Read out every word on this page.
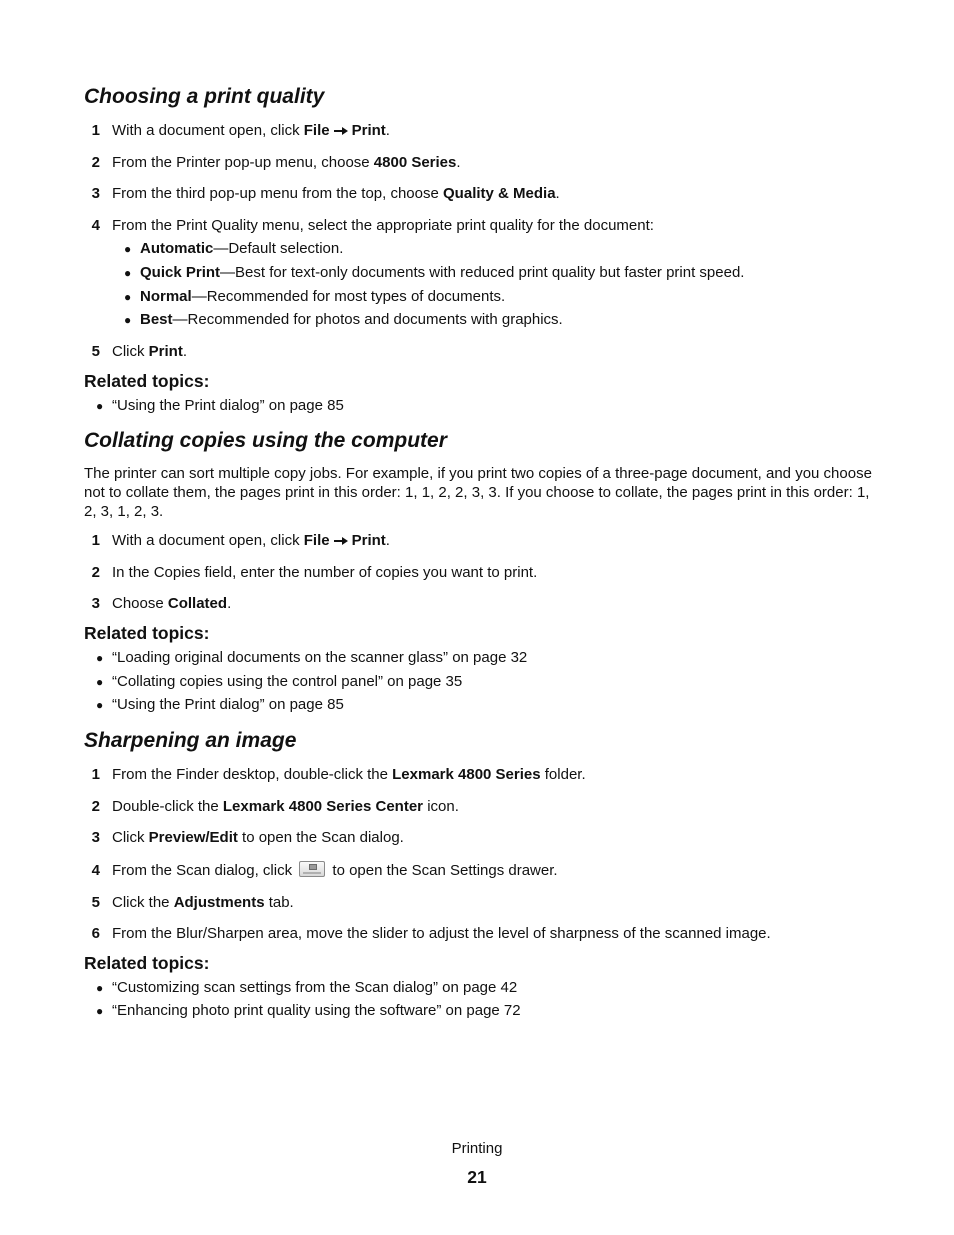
Choosing a print quality
1 With a document open, click File Print.
2 From the Printer pop-up menu, choose 4800 Series.
3 From the third pop-up menu from the top, choose Quality & Media.
4 From the Print Quality menu, select the appropriate print quality for the document:
● Automatic—Default selection.
● Quick Print—Best for text-only documents with reduced print quality but faster print speed.
● Normal—Recommended for most types of documents.
● Best—Recommended for photos and documents with graphics.
5 Click Print.
Related topics:
● “Using the Print dialog” on page 85
Collating copies using the computer
The printer can sort multiple copy jobs. For example, if you print two copies of a three-page document, and you choose not to collate them, the pages print in this order: 1, 1, 2, 2, 3, 3. If you choose to collate, the pages print in this order: 1, 2, 3, 1, 2, 3.
1 With a document open, click File Print.
2 In the Copies field, enter the number of copies you want to print.
3 Choose Collated.
Related topics:
● “Loading original documents on the scanner glass” on page 32
● “Collating copies using the control panel” on page 35
● “Using the Print dialog” on page 85
Sharpening an image
1 From the Finder desktop, double-click the Lexmark 4800 Series folder.
2 Double-click the Lexmark 4800 Series Center icon.
3 Click Preview/Edit to open the Scan dialog.
4 From the Scan dialog, click  to open the Scan Settings drawer.
5 Click the Adjustments tab.
6 From the Blur/Sharpen area, move the slider to adjust the level of sharpness of the scanned image.
Related topics:
● “Customizing scan settings from the Scan dialog” on page 42
● “Enhancing photo print quality using the software” on page 72
Printing
21
